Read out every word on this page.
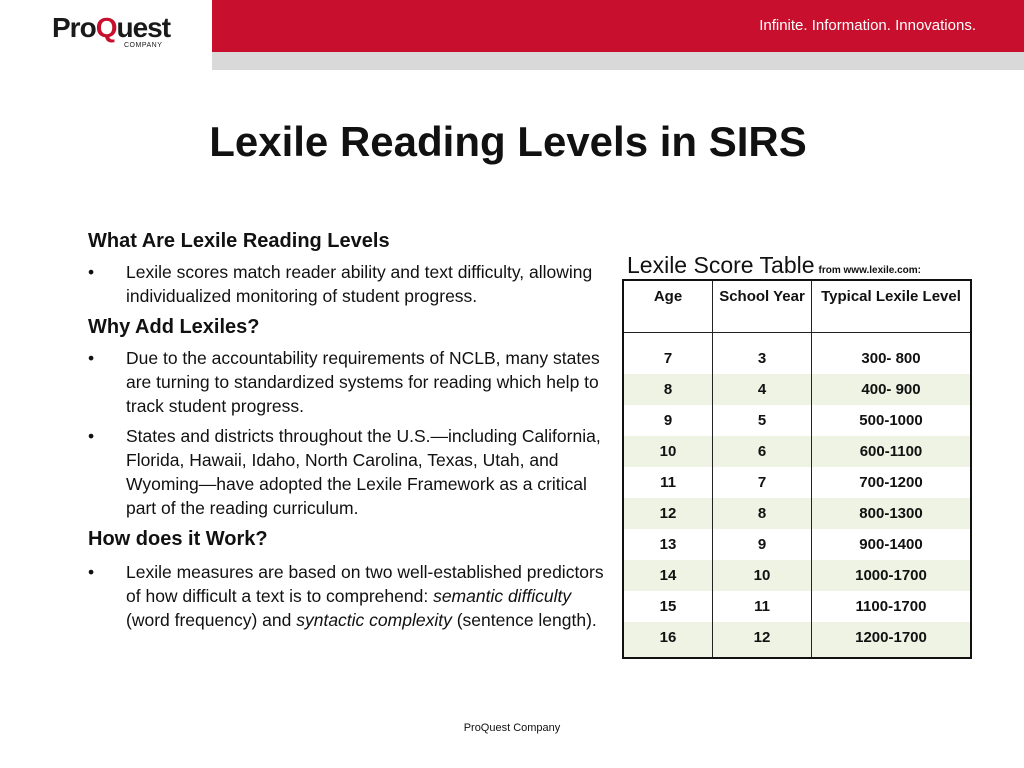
ProQuest
COMPANY
Infinite. Information. Innovations.
Lexile Reading Levels in SIRS
What Are Lexile Reading Levels
• Lexile scores match reader ability and text difficulty, allowing individualized monitoring of student progress.
Why Add Lexiles?
• Due to the accountability requirements of NCLB, many states are turning to standardized systems for reading which help to track student progress.
• States and districts throughout the U.S.—including California, Florida, Hawaii, Idaho, North Carolina, Texas, Utah, and Wyoming—have adopted the Lexile Framework as a critical part of the reading curriculum.
How does it Work?
• Lexile measures are based on two well-established predictors of how difficult a text is to comprehend: semantic difficulty (word frequency) and syntactic complexity (sentence length).
Lexile Score Table from www.lexile.com:
Age	School Year	Typical Lexile Level
7	3	300- 800
8	4	400- 900
9	5	500-1000
10	6	600-1100
11	7	700-1200
12	8	800-1300
13	9	900-1400
14	10	1000-1700
15	11	1100-1700
16	12	1200-1700
ProQuest Company
